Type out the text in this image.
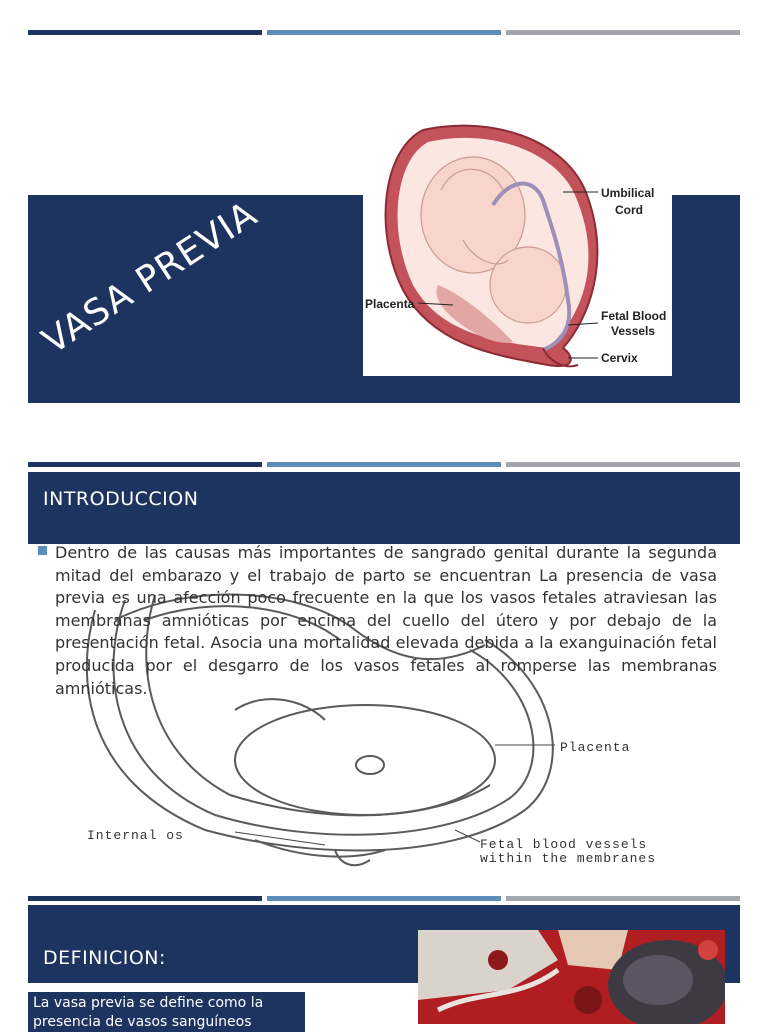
VASA PREVIA
Umbilical
Cord
Placenta
Fetal Blood
Vessels
Cervix
INTRODUCCION
Placenta
Internal os
Fetal blood vessels
within the membranes
Dentro de las causas más importantes de sangrado genital durante la segunda mitad del embarazo y el trabajo de parto se encuentran La presencia de vasa previa es una afección poco frecuente en la que los vasos fetales atraviesan las membranas amnióticas por encima del cuello del útero y por debajo de la presentación fetal. Asocia una mortalidad elevada debida a la exanguinación fetal producida por el desgarro de los vasos fetales al romperse las membranas amnióticas.
DEFINICION:
La vasa previa se define como la presencia de vasos sanguíneos
